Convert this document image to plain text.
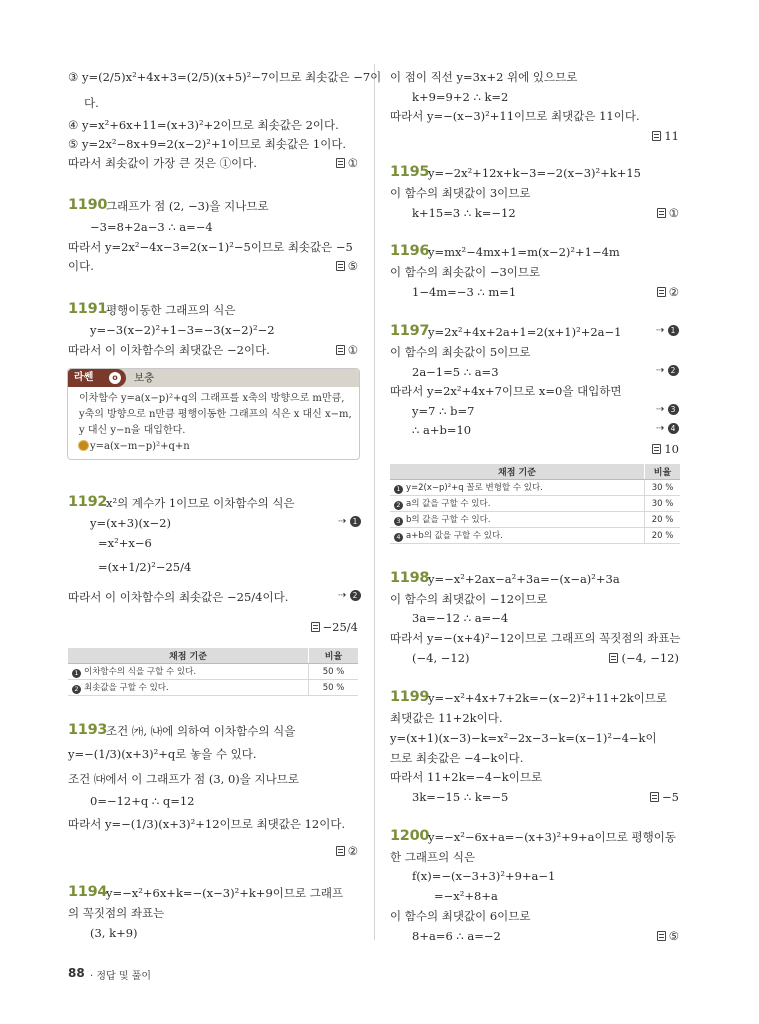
③ y=(2/5)x²+4x+3=(2/5)(x+5)²−7이므로 최솟값은 −7이
다.
④ y=x²+6x+11=(x+3)²+2이므로 최솟값은 2이다.
⑤ y=2x²−8x+9=2(x−2)²+1이므로 최솟값은 1이다.
따라서 최솟값이 가장 큰 것은 ①이다.	①
1190
그래프가 점 (2, −3)을 지나므로
−3=8+2a−3 ∴ a=−4
따라서 y=2x²−4x−3=2(x−1)²−5이므로 최솟값은 −5
이다.	⑤
1191
평행이동한 그래프의 식은
y=−3(x−2)²+1−3=−3(x−2)²−2
따라서 이 이차함수의 최댓값은 −2이다.	①
라쎈	o	보충
이차함수 y=a(x−p)²+q의 그래프를 x축의 방향으로 m만큼,
y축의 방향으로 n만큼 평행이동한 그래프의 식은 x 대신 x−m,
y 대신 y−n을 대입한다.
y=a(x−m−p)²+q+n
1192
x²의 계수가 1이므로 이차함수의 식은
y=(x+3)(x−2)	⇢ 1
=x²+x−6
=(x+1/2)²−25/4
따라서 이 이차함수의 최솟값은 −25/4이다.	⇢ 2
−25/4
채점 기준	비율
1 이차함수의 식을 구할 수 있다.	50 %
2 최솟값을 구할 수 있다.	50 %
1193
조건 ㈎, ㈏에 의하여 이차함수의 식을
y=−(1/3)(x+3)²+q로 놓을 수 있다.
조건 ㈐에서 이 그래프가 점 (3, 0)을 지나므로
0=−12+q ∴ q=12
따라서 y=−(1/3)(x+3)²+12이므로 최댓값은 12이다.
②
1194
y=−x²+6x+k=−(x−3)²+k+9이므로 그래프
의 꼭짓점의 좌표는
(3, k+9)
이 점이 직선 y=3x+2 위에 있으므로
k+9=9+2 ∴ k=2
따라서 y=−(x−3)²+11이므로 최댓값은 11이다.
11
1195
y=−2x²+12x+k−3=−2(x−3)²+k+15
이 함수의 최댓값이 3이므로
k+15=3 ∴ k=−12	①
1196
y=mx²−4mx+1=m(x−2)²+1−4m
이 함수의 최솟값이 −3이므로
1−4m=−3 ∴ m=1	②
1197
y=2x²+4x+2a+1=2(x+1)²+2a−1	⇢ 1
이 함수의 최솟값이 5이므로
2a−1=5 ∴ a=3	⇢ 2
따라서 y=2x²+4x+7이므로 x=0을 대입하면
y=7 ∴ b=7	⇢ 3
∴ a+b=10	⇢ 4
10
채점 기준	비율
1 y=2(x−p)²+q 꼴로 변형할 수 있다.	30 %
2 a의 값을 구할 수 있다.	30 %
3 b의 값을 구할 수 있다.	20 %
4 a+b의 값을 구할 수 있다.	20 %
1198
y=−x²+2ax−a²+3a=−(x−a)²+3a
이 함수의 최댓값이 −12이므로
3a=−12 ∴ a=−4
따라서 y=−(x+4)²−12이므로 그래프의 꼭짓점의 좌표는
(−4, −12)	(−4, −12)
1199
y=−x²+4x+7+2k=−(x−2)²+11+2k이므로
최댓값은 11+2k이다.
y=(x+1)(x−3)−k=x²−2x−3−k=(x−1)²−4−k이
므로 최솟값은 −4−k이다.
따라서 11+2k=−4−k이므로
3k=−15 ∴ k=−5	−5
1200
y=−x²−6x+a=−(x+3)²+9+a이므로 평행이동
한 그래프의 식은
f(x)=−(x−3+3)²+9+a−1
=−x²+8+a
이 함수의 최댓값이 6이므로
8+a=6 ∴ a=−2	⑤
88 · 정답 및 풀이
